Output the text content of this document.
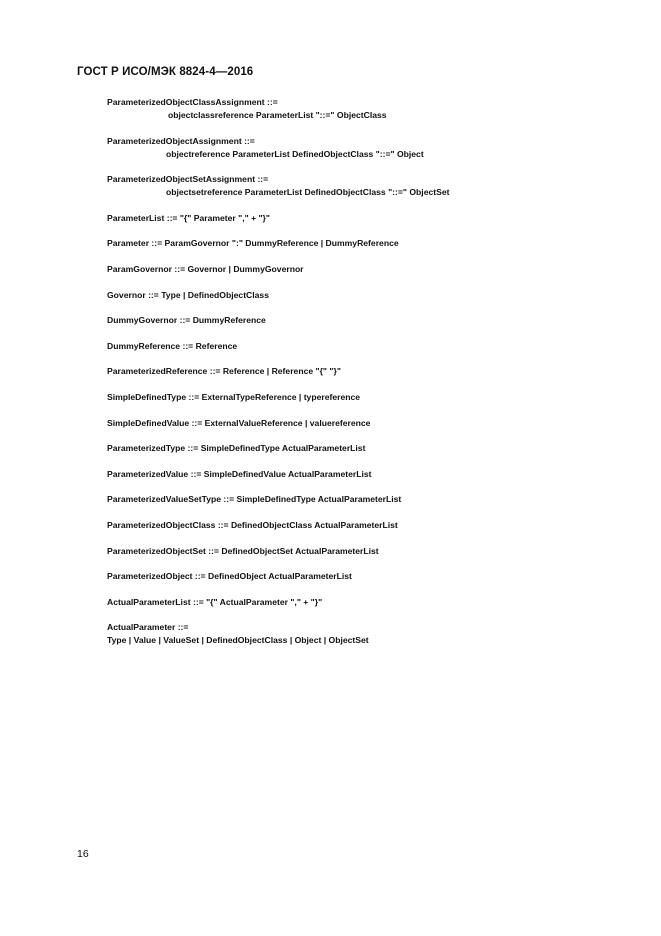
ГОСТ Р ИСО/МЭК 8824-4—2016
ParameterizedObjectClassAssignment ::=
objectclassreference ParameterList "::=" ObjectClass
ParameterizedObjectAssignment ::=
objectreference ParameterList DefinedObjectClass "::=" Object
ParameterizedObjectSetAssignment ::=
objectsetreference ParameterList DefinedObjectClass "::=" ObjectSet
ParameterList ::= "{" Parameter "," + "}"
Parameter ::= ParamGovernor ":" DummyReference | DummyReference
ParamGovernor ::= Governor | DummyGovernor
Governor ::= Type | DefinedObjectClass
DummyGovernor ::= DummyReference
DummyReference ::= Reference
ParameterizedReference ::= Reference | Reference "{" "}"
SimpleDefinedType ::= ExternalTypeReference | typereference
SimpleDefinedValue ::= ExternalValueReference | valuereference
ParameterizedType ::= SimpleDefinedType ActualParameterList
ParameterizedValue ::= SimpleDefinedValue ActualParameterList
ParameterizedValueSetType ::= SimpleDefinedType ActualParameterList
ParameterizedObjectClass ::= DefinedObjectClass ActualParameterList
ParameterizedObjectSet ::= DefinedObjectSet ActualParameterList
ParameterizedObject ::= DefinedObject ActualParameterList
ActualParameterList ::= "{" ActualParameter "," + "}"
ActualParameter ::=
Type | Value | ValueSet | DefinedObjectClass | Object | ObjectSet
16
